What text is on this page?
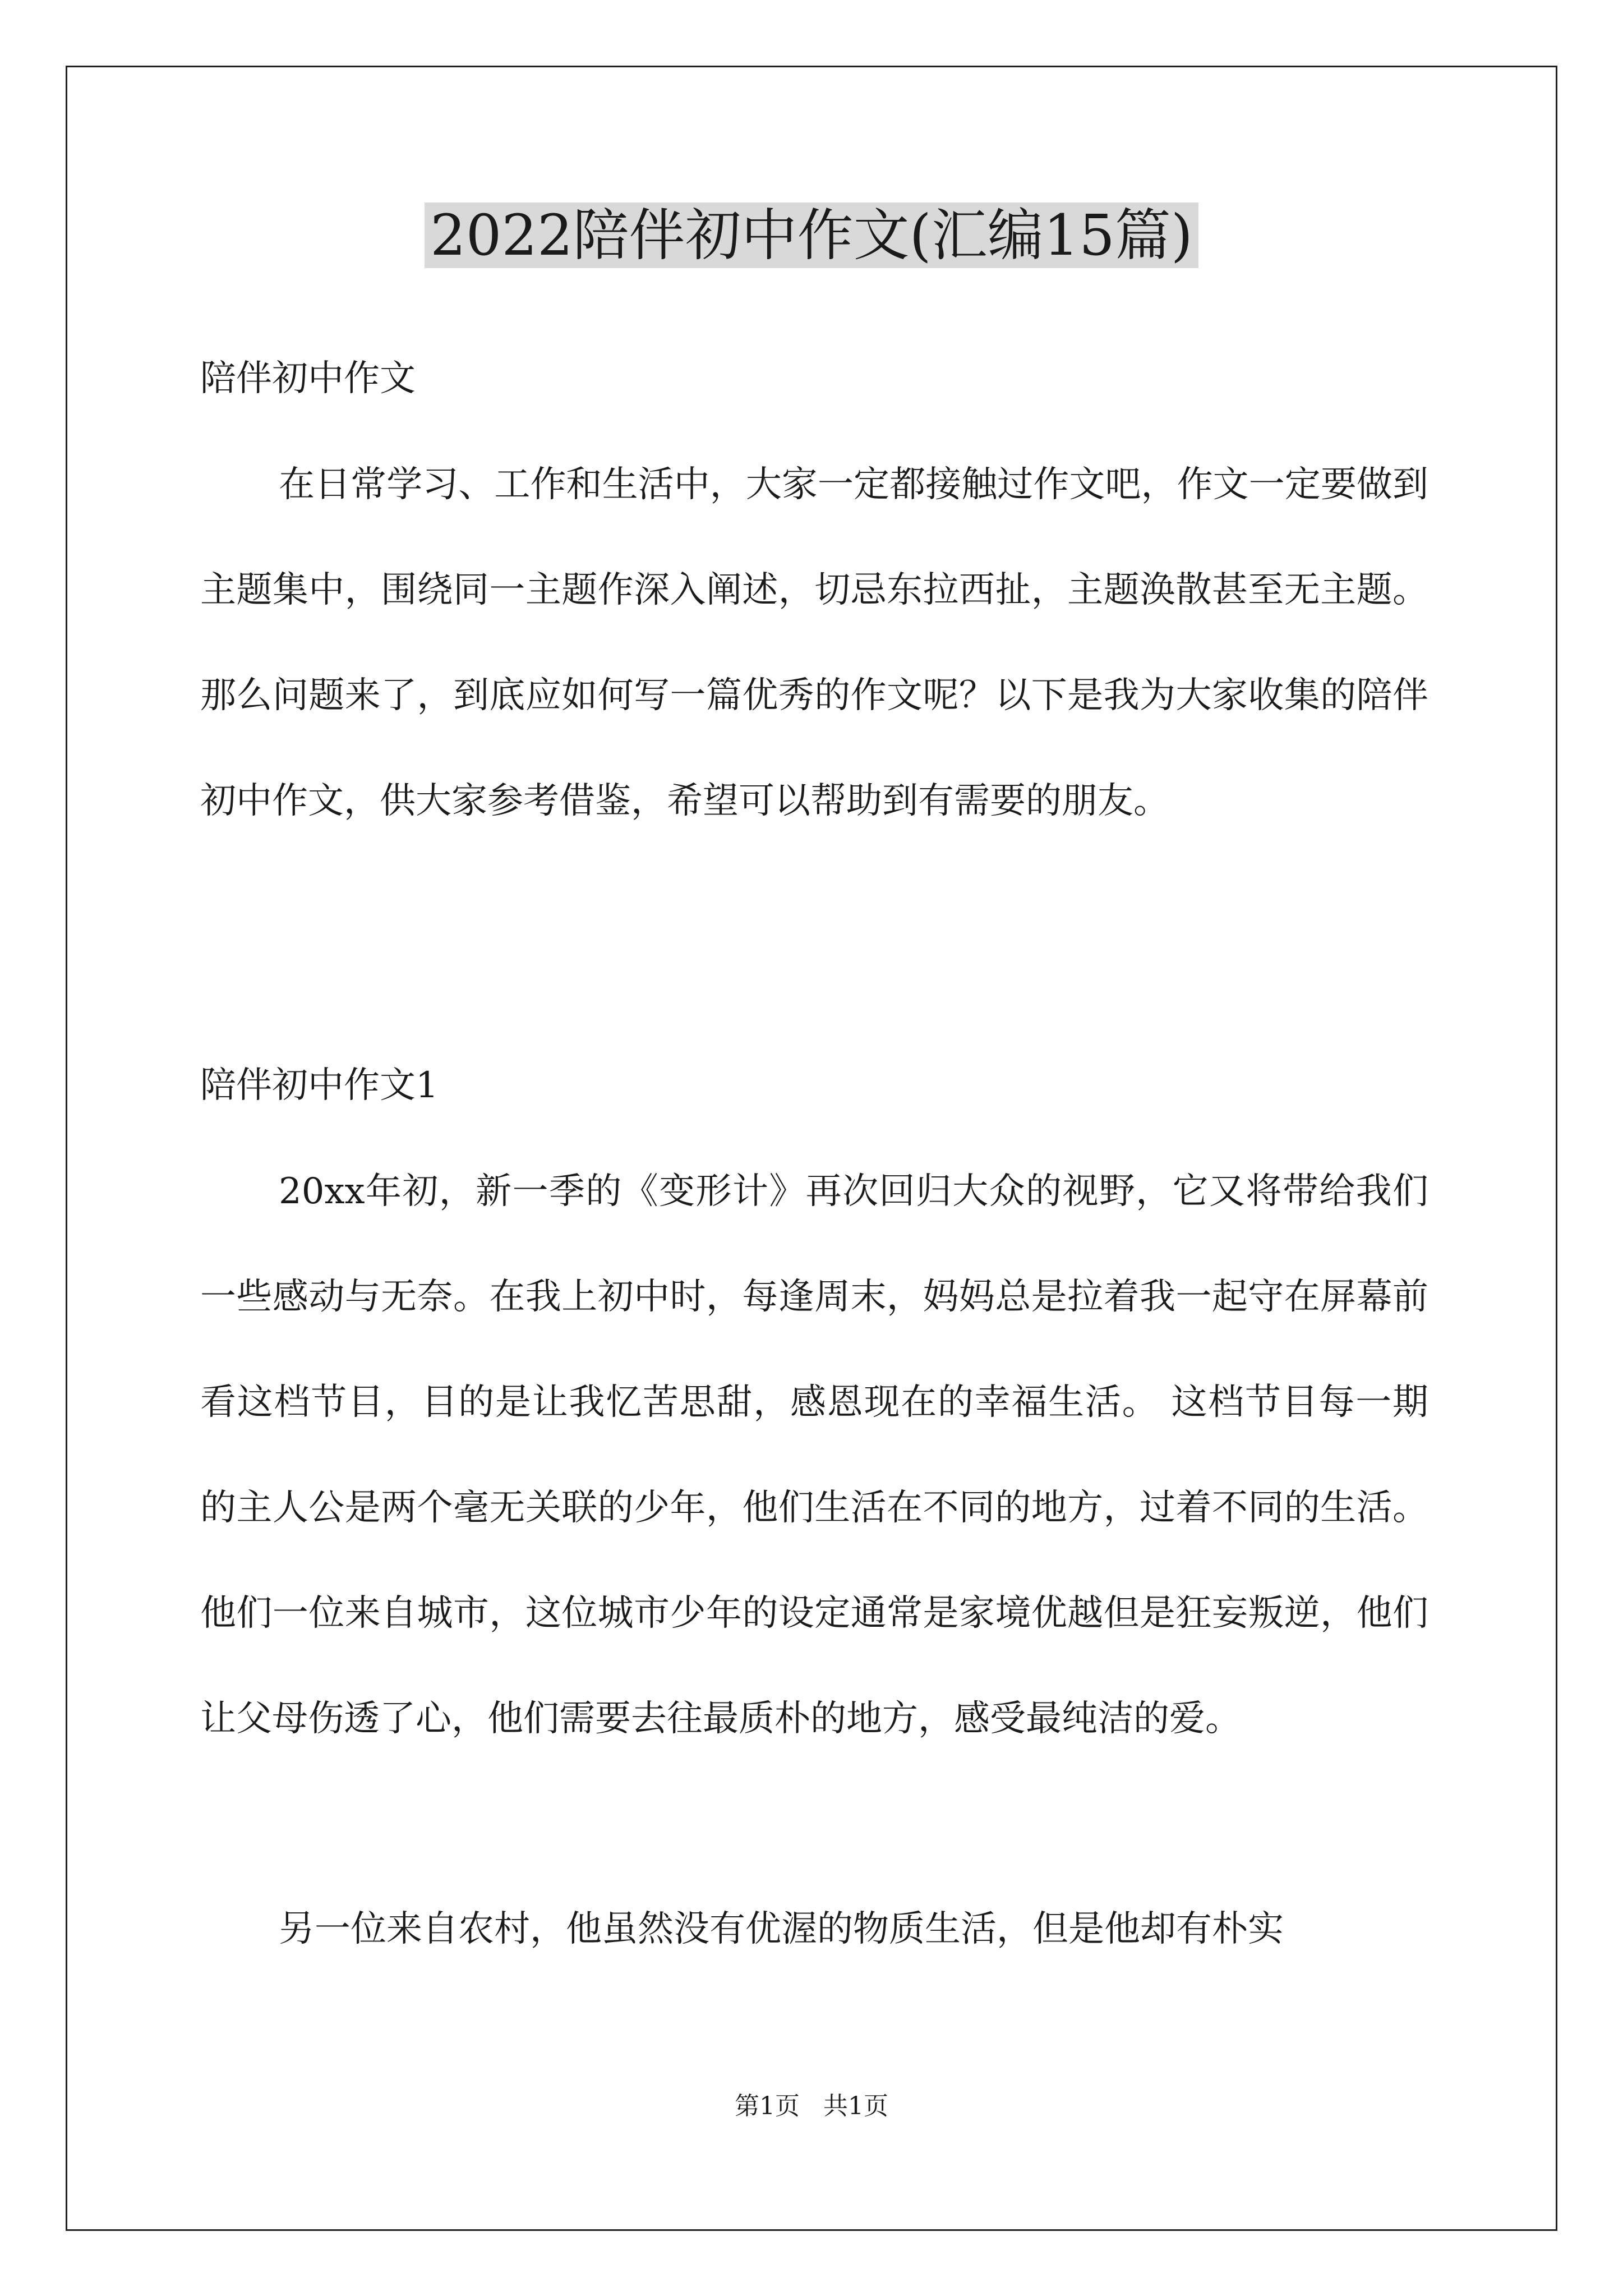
2022陪伴初中作文(汇编15篇)
陪伴初中作文

在日常学习、工作和生活中，大家一定都接触过作文吧，作文一定要做到主题集中，围绕同一主题作深入阐述，切忌东拉西扯，主题涣散甚至无主题。那么问题来了，到底应如何写一篇优秀的作文呢？以下是我为大家收集的陪伴初中作文，供大家参考借鉴，希望可以帮助到有需要的朋友。

陪伴初中作文1

20xx年初，新一季的《变形计》再次回归大众的视野，它又将带给我们一些感动与无奈。在我上初中时，每逢周末，妈妈总是拉着我一起守在屏幕前看这档节目，目的是让我忆苦思甜，感恩现在的幸福生活。 这档节目每一期的主人公是两个毫无关联的少年，他们生活在不同的地方，过着不同的生活。他们一位来自城市，这位城市少年的设定通常是家境优越但是狂妄叛逆，他们让父母伤透了心，他们需要去往最质朴的地方，感受最纯洁的爱。

另一位来自农村，他虽然没有优渥的物质生活，但是他却有朴实

第1页   共1页
